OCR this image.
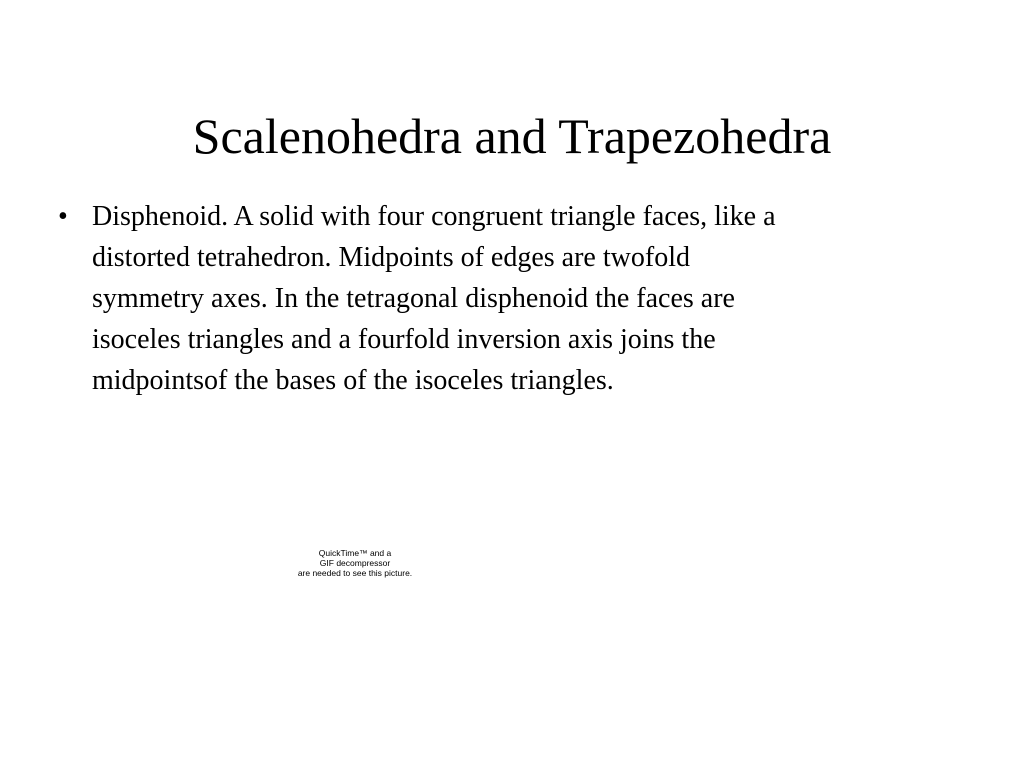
Scalenohedra and Trapezohedra
• Disphenoid. A solid with four congruent triangle faces, like a
distorted tetrahedron. Midpoints of edges are twofold
symmetry axes. In the tetragonal disphenoid the faces are
isoceles triangles and a fourfold inversion axis joins the
midpointsof the bases of the isoceles triangles.
QuickTime™ and a
GIF decompressor
are needed to see this picture.
